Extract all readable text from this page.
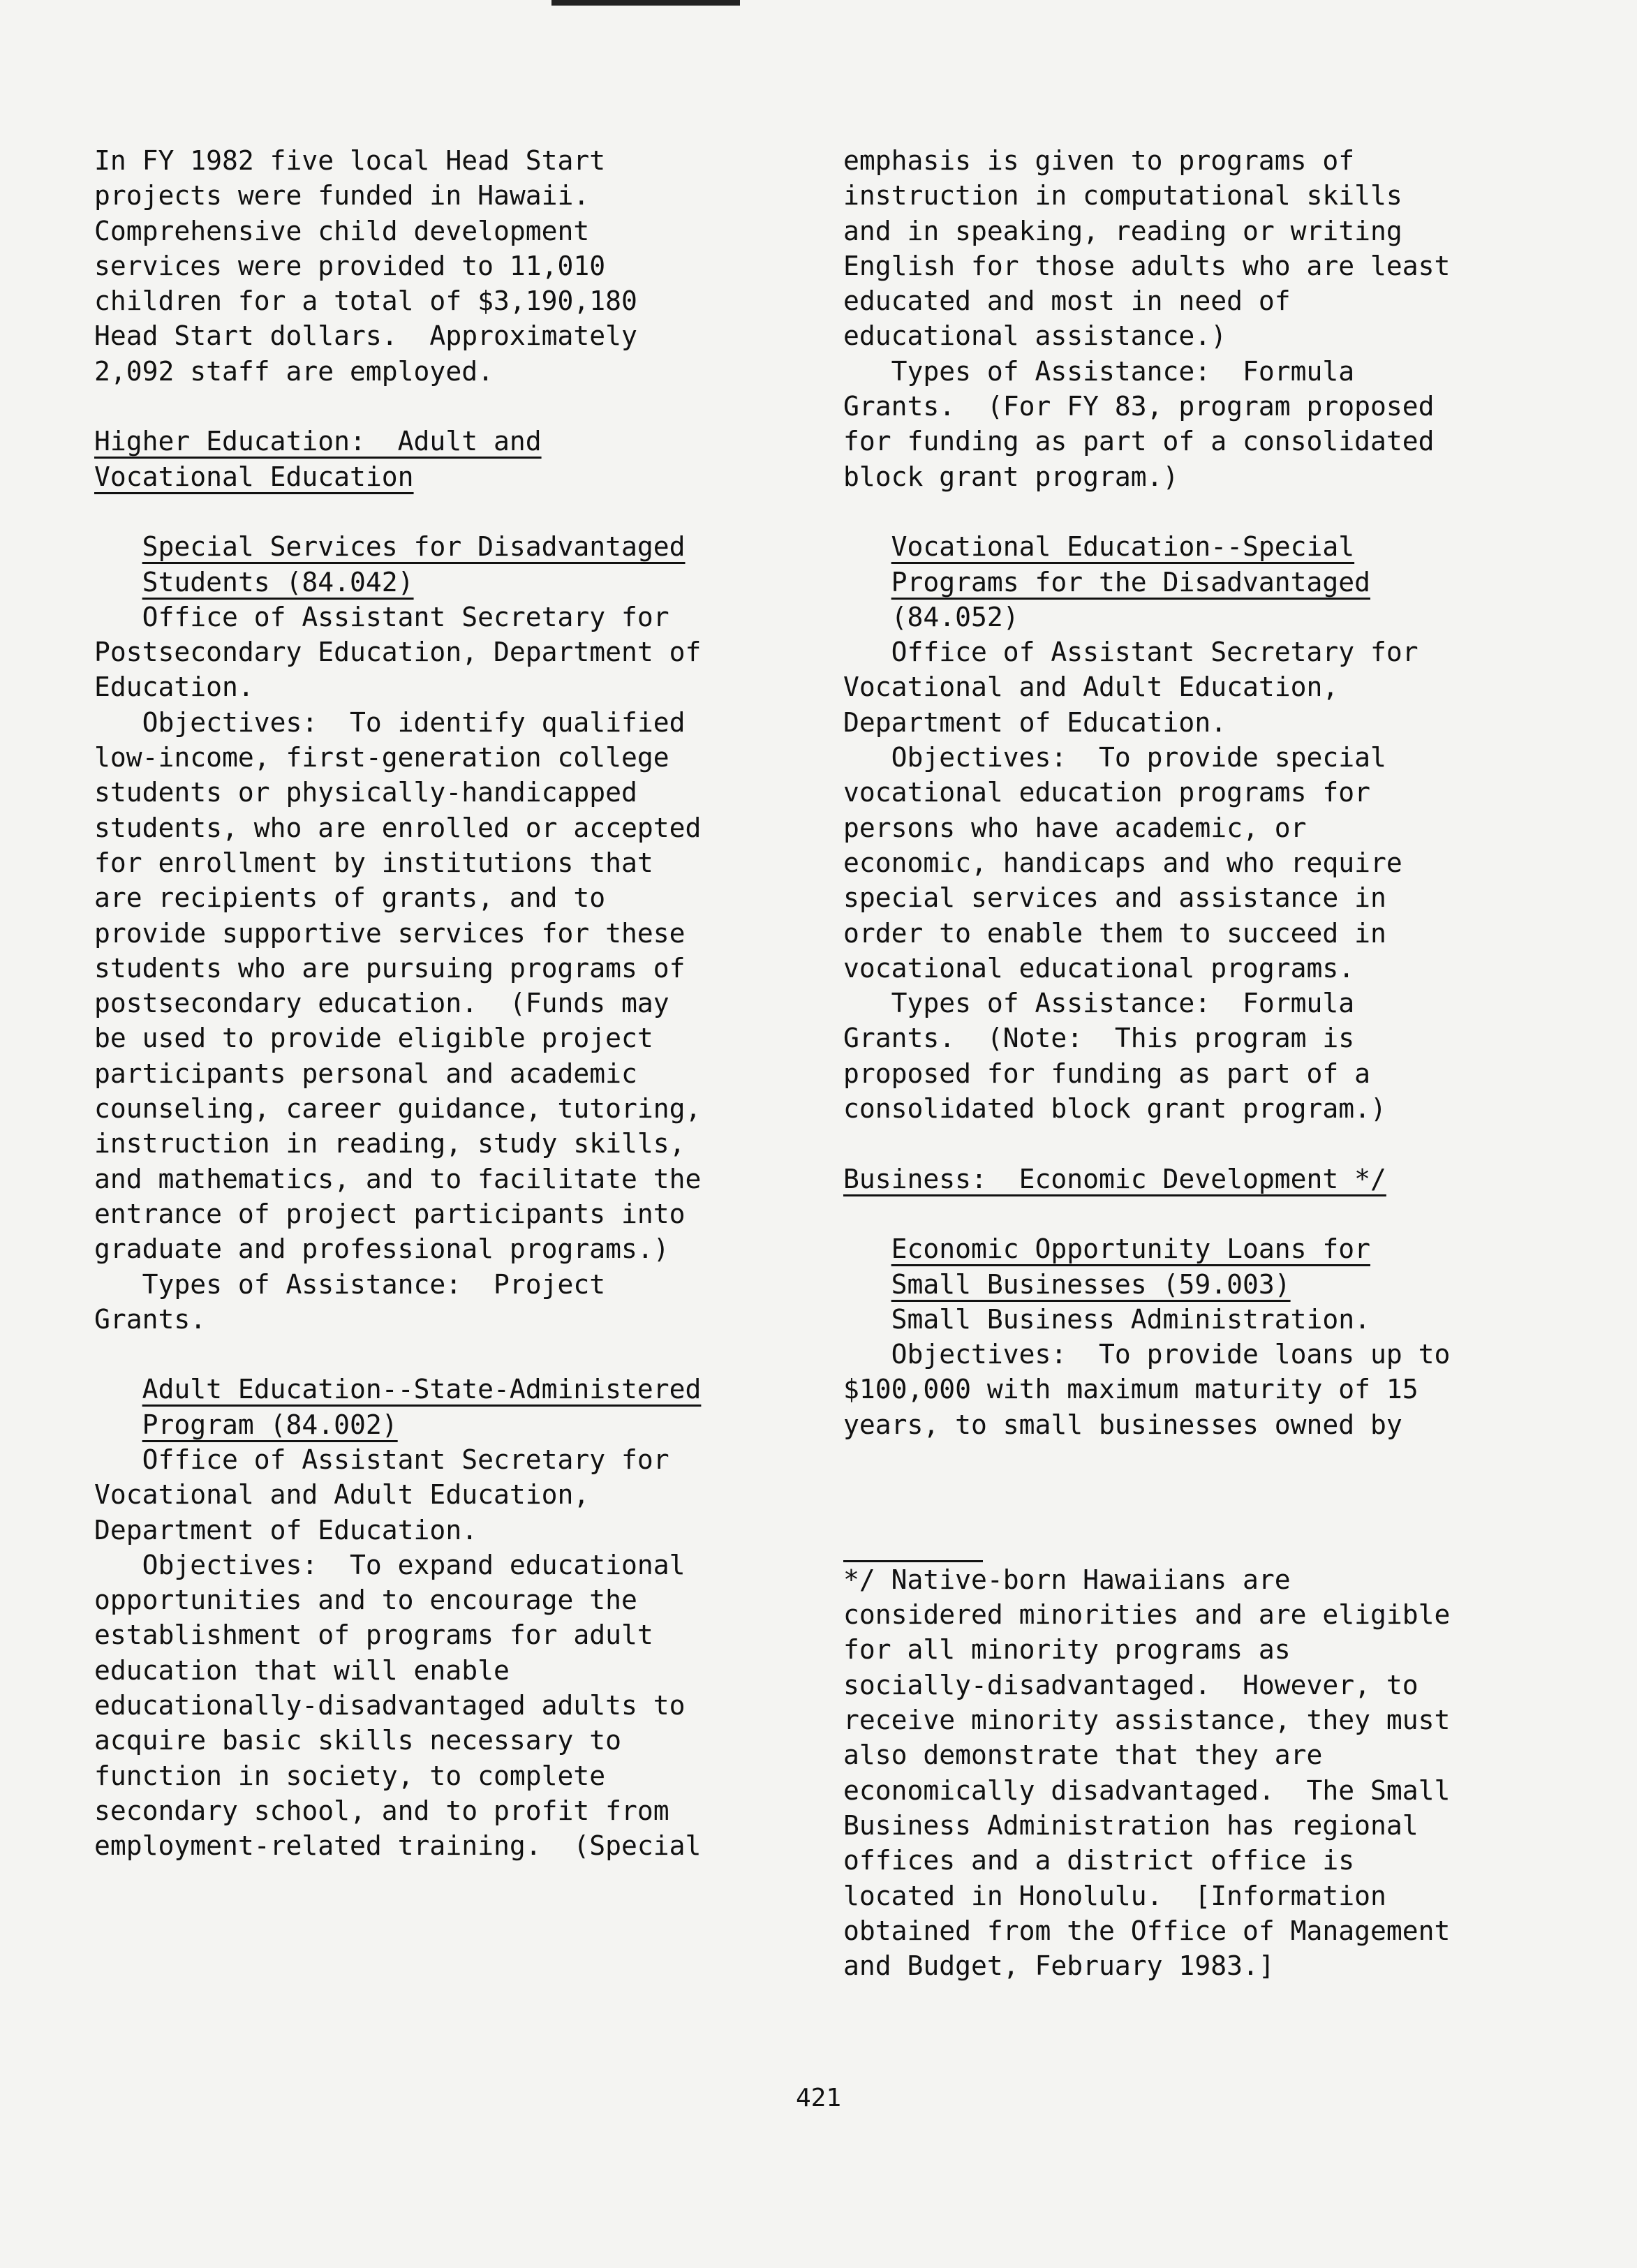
In FY 1982 five local Head Start
projects were funded in Hawaii.
Comprehensive child development
services were provided to 11,010
children for a total of $3,190,180
Head Start dollars.  Approximately
2,092 staff are employed.
Higher Education:  Adult and
Vocational Education
Special Services for Disadvantaged
Students (84.042)
Office of Assistant Secretary for
Postsecondary Education, Department of
Education.
Objectives:  To identify qualified
low-income, first-generation college
students or physically-handicapped
students, who are enrolled or accepted
for enrollment by institutions that
are recipients of grants, and to
provide supportive services for these
students who are pursuing programs of
postsecondary education.  (Funds may
be used to provide eligible project
participants personal and academic
counseling, career guidance, tutoring,
instruction in reading, study skills,
and mathematics, and to facilitate the
entrance of project participants into
graduate and professional programs.)
Types of Assistance:  Project
Grants.
Adult Education--State-Administered
Program (84.002)
Office of Assistant Secretary for
Vocational and Adult Education,
Department of Education.
Objectives:  To expand educational
opportunities and to encourage the
establishment of programs for adult
education that will enable
educationally-disadvantaged adults to
acquire basic skills necessary to
function in society, to complete
secondary school, and to profit from
employment-related training.  (Special
emphasis is given to programs of
instruction in computational skills
and in speaking, reading or writing
English for those adults who are least
educated and most in need of
educational assistance.)
Types of Assistance:  Formula
Grants.  (For FY 83, program proposed
for funding as part of a consolidated
block grant program.)
Vocational Education--Special
Programs for the Disadvantaged
(84.052)
Office of Assistant Secretary for
Vocational and Adult Education,
Department of Education.
Objectives:  To provide special
vocational education programs for
persons who have academic, or
economic, handicaps and who require
special services and assistance in
order to enable them to succeed in
vocational educational programs.
Types of Assistance:  Formula
Grants.  (Note:  This program is
proposed for funding as part of a
consolidated block grant program.)
Business:  Economic Development */
Economic Opportunity Loans for
Small Businesses (59.003)
Small Business Administration.
Objectives:  To provide loans up to
$100,000 with maximum maturity of 15
years, to small businesses owned by
*/ Native-born Hawaiians are
considered minorities and are eligible
for all minority programs as
socially-disadvantaged.  However, to
receive minority assistance, they must
also demonstrate that they are
economically disadvantaged.  The Small
Business Administration has regional
offices and a district office is
located in Honolulu.  [Information
obtained from the Office of Management
and Budget, February 1983.]
421
